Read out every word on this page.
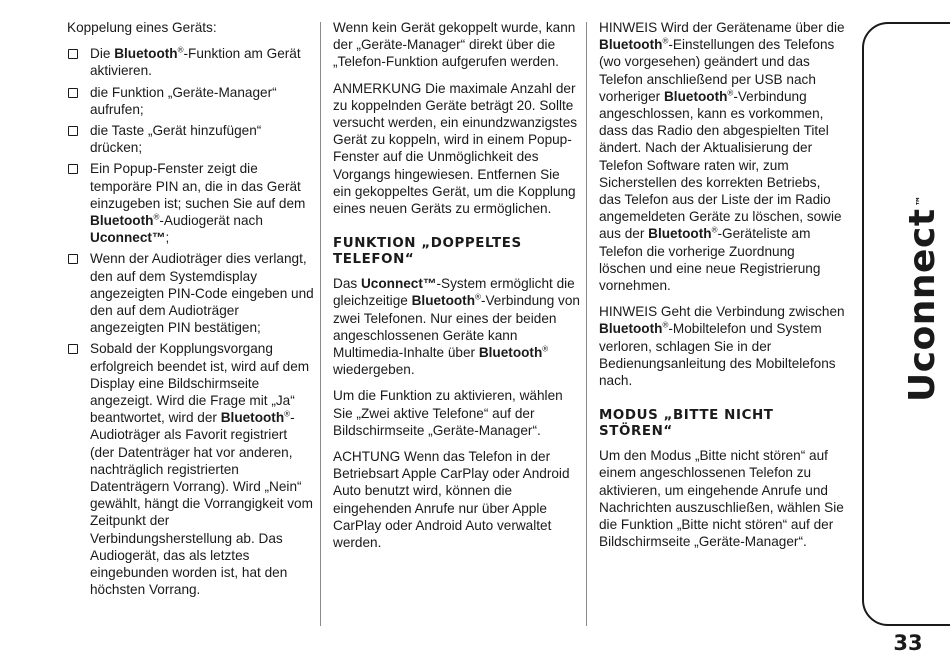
Koppelung eines Geräts:

Die Bluetooth®-Funktion am Gerät aktivieren.
die Funktion „Geräte-Manager“ aufrufen;
die Taste „Gerät hinzufügen“ drücken;
Ein Popup-Fenster zeigt die temporäre PIN an, die in das Gerät einzugeben ist; suchen Sie auf dem Bluetooth®-Audiogerät nach Uconnect™;
Wenn der Audioträger dies verlangt, den auf dem Systemdisplay angezeigten PIN-Code eingeben und den auf dem Audioträger angezeigten PIN bestätigen;
Sobald der Kopplungsvorgang erfolgreich beendet ist, wird auf dem Display eine Bildschirmseite angezeigt. Wird die Frage mit „Ja“ beantwortet, wird der Bluetooth®-Audioträger als Favorit registriert (der Datenträger hat vor anderen, nachträglich registrierten Datenträgern Vorrang). Wird „Nein“ gewählt, hängt die Vorrangigkeit vom Zeitpunkt der Verbindungsherstellung ab. Das Audiogerät, das als letztes eingebunden worden ist, hat den höchsten Vorrang.

Wenn kein Gerät gekoppelt wurde, kann der „Geräte-Manager“ direkt über die „Telefon-Funktion aufgerufen werden.

ANMERKUNG Die maximale Anzahl der zu koppelnden Geräte beträgt 20. Sollte versucht werden, ein einundzwanzigstes Gerät zu koppeln, wird in einem Popup-Fenster auf die Unmöglichkeit des Vorgangs hingewiesen. Entfernen Sie ein gekoppeltes Gerät, um die Kopplung eines neuen Geräts zu ermöglichen.

FUNKTION „DOPPELTES TELEFON“

Das Uconnect™-System ermöglicht die gleichzeitige Bluetooth®-Verbindung von zwei Telefonen. Nur eines der beiden angeschlossenen Geräte kann Multimedia-Inhalte über Bluetooth® wiedergeben.

Um die Funktion zu aktivieren, wählen Sie „Zwei aktive Telefone“ auf der Bildschirmseite „Geräte-Manager“.

ACHTUNG Wenn das Telefon in der Betriebsart Apple CarPlay oder Android Auto benutzt wird, können die eingehenden Anrufe nur über Apple CarPlay oder Android Auto verwaltet werden.

HINWEIS Wird der Gerätename über die Bluetooth®-Einstellungen des Telefons (wo vorgesehen) geändert und das Telefon anschließend per USB nach vorheriger Bluetooth®-Verbindung angeschlossen, kann es vorkommen, dass das Radio den abgespielten Titel ändert. Nach der Aktualisierung der Telefon Software raten wir, zum Sicherstellen des korrekten Betriebs, das Telefon aus der Liste der im Radio angemeldeten Geräte zu löschen, sowie aus der Bluetooth®-Geräteliste am Telefon die vorherige Zuordnung löschen und eine neue Registrierung vornehmen.

HINWEIS Geht die Verbindung zwischen Bluetooth®-Mobiltelefon und System verloren, schlagen Sie in der Bedienungsanleitung des Mobiltelefons nach.

MODUS „BITTE NICHT STÖREN“

Um den Modus „Bitte nicht stören“ auf einem angeschlossenen Telefon zu aktivieren, um eingehende Anrufe und Nachrichten auszuschließen, wählen Sie die Funktion „Bitte nicht stören“ auf der Bildschirmseite „Geräte-Manager“.

Uconnect™
33
